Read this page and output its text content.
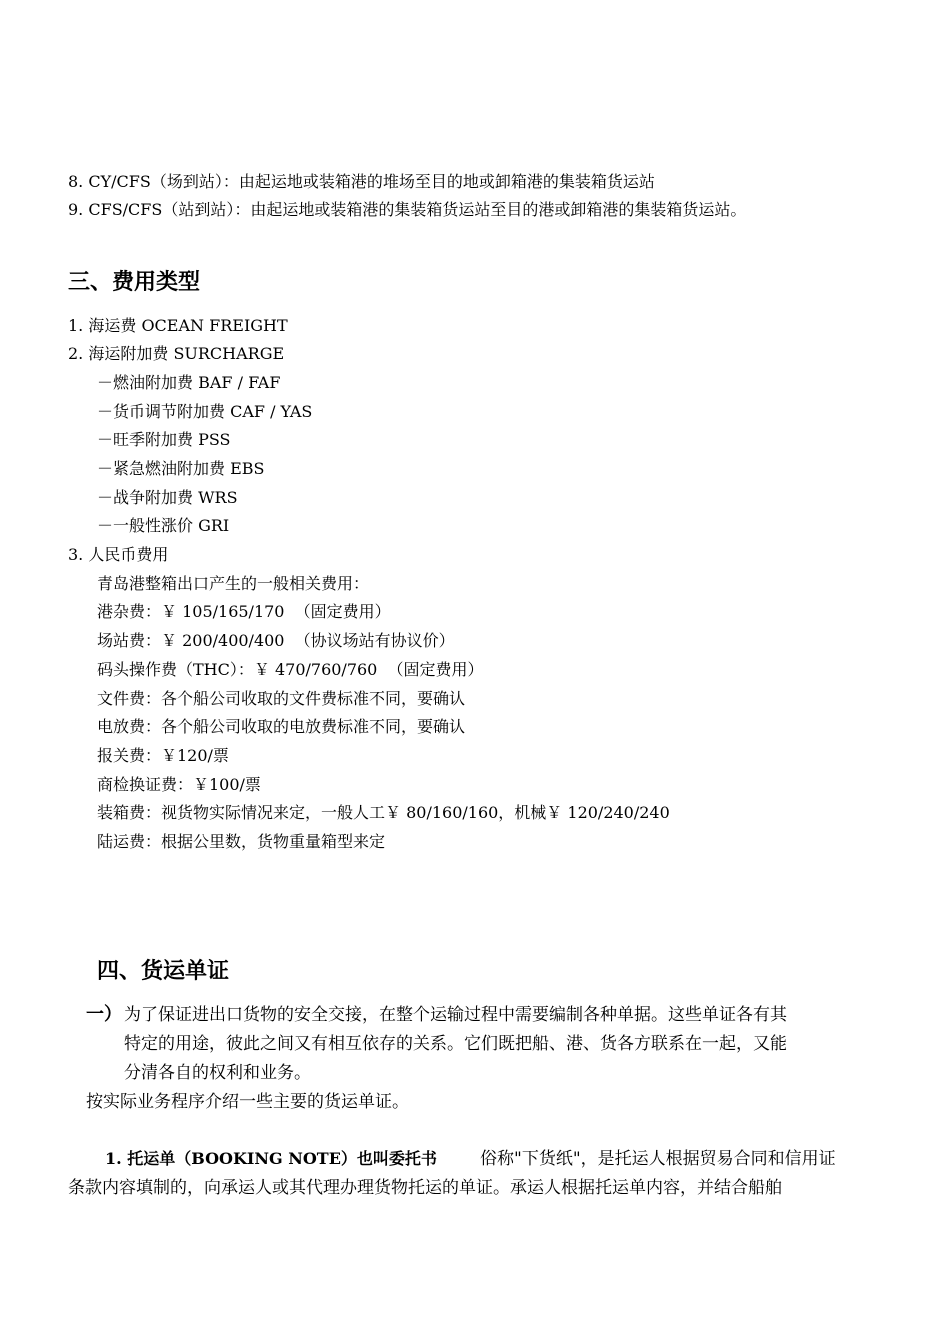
8. CY/CFS（场到站）：由起运地或装箱港的堆场至目的地或卸箱港的集装箱货运站
9. CFS/CFS（站到站）：由起运地或装箱港的集装箱货运站至目的港或卸箱港的集装箱货运站。
三、费用类型
1. 海运费 OCEAN FREIGHT
2. 海运附加费 SURCHARGE
－燃油附加费 BAF / FAF
－货币调节附加费 CAF / YAS
－旺季附加费 PSS
－紧急燃油附加费 EBS
－战争附加费 WRS
－一般性涨价 GRI
3. 人民币费用
青岛港整箱出口产生的一般相关费用：
港杂费：￥ 105/165/170  （固定费用）
场站费：￥ 200/400/400  （协议场站有协议价）
码头操作费（THC）：￥ 470/760/760  （固定费用）
文件费：各个船公司收取的文件费标准不同，要确认
电放费：各个船公司收取的电放费标准不同，要确认
报关费：￥120/票
商检换证费：￥100/票
装箱费：视货物实际情况来定，一般人工￥ 80/160/160，机械￥ 120/240/240
陆运费：根据公里数，货物重量箱型来定
四、货运单证
一） 为了保证进出口货物的安全交接，在整个运输过程中需要编制各种单据。这些单证各有其
特定的用途，彼此之间又有相互依存的关系。它们既把船、港、货各方联系在一起，又能
分清各自的权利和业务。
按实际业务程序介绍一些主要的货运单证。
1. 托运单（BOOKING NOTE）也叫委托书	俗称"下货纸"，是托运人根据贸易合同和信用证
条款内容填制的，向承运人或其代理办理货物托运的单证。承运人根据托运单内容，并结合船舶
